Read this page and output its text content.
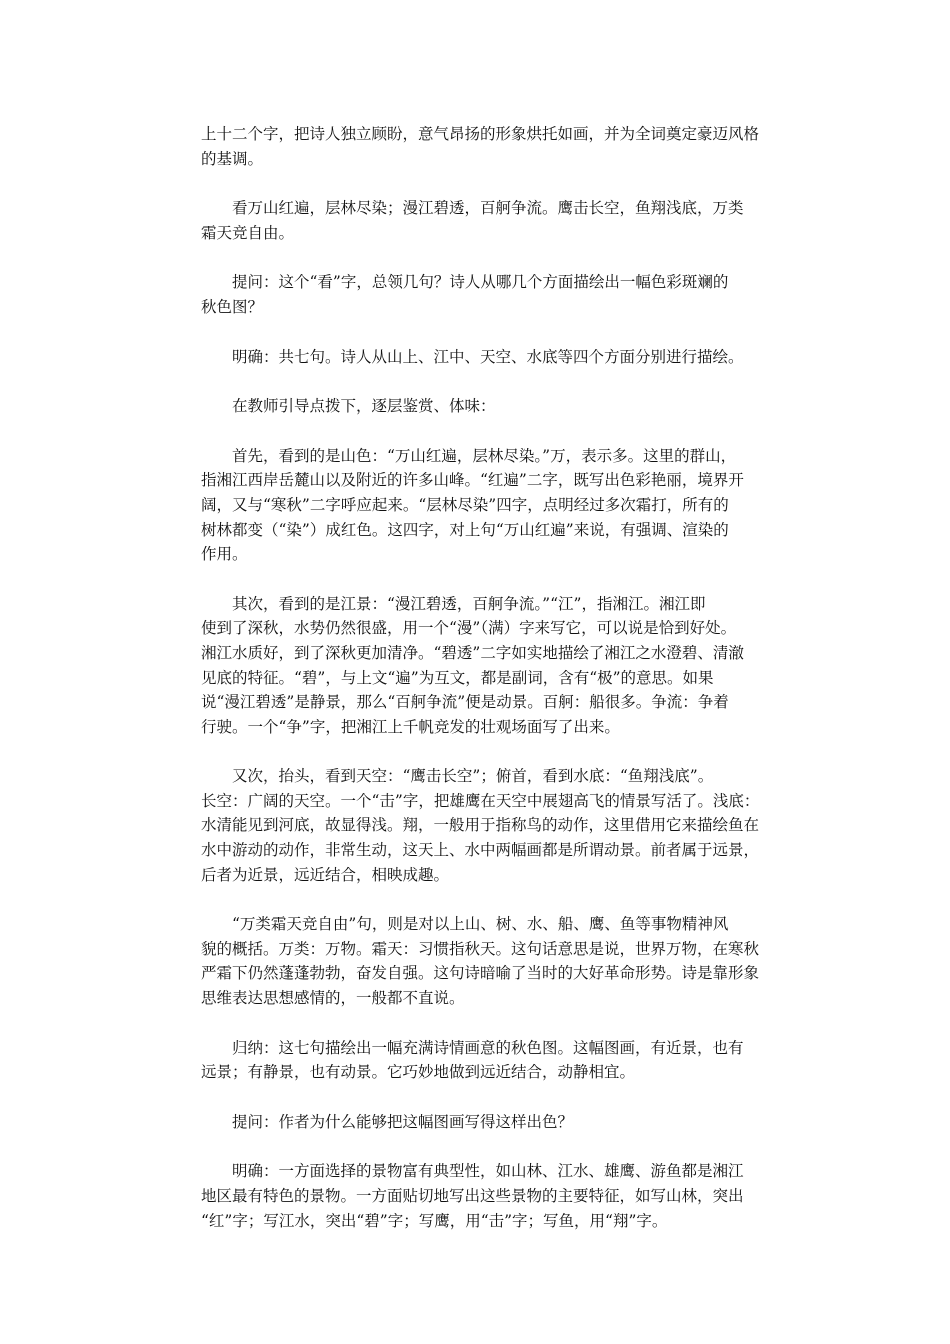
上十二个字，把诗人独立顾盼，意气昂扬的形象烘托如画，并为全词奠定豪迈风格
的基调。

看万山红遍，层林尽染；漫江碧透，百舸争流。鹰击长空，鱼翔浅底，万类
霜天竞自由。

提问：这个“看”字，总领几句？诗人从哪几个方面描绘出一幅色彩斑斓的
秋色图？

明确：共七句。诗人从山上、江中、天空、水底等四个方面分别进行描绘。

在教师引导点拨下，逐层鉴赏、体味：

首先，看到的是山色：“万山红遍，层林尽染。”万，表示多。这里的群山，
指湘江西岸岳麓山以及附近的许多山峰。“红遍”二字，既写出色彩艳丽，境界开
阔，又与“寒秋”二字呼应起来。“层林尽染”四字，点明经过多次霜打，所有的
树林都变（“染”）成红色。这四字，对上句“万山红遍”来说，有强调、渲染的
作用。

其次，看到的是江景：“漫江碧透，百舸争流。”“江”，指湘江。湘江即
使到了深秋，水势仍然很盛，用一个“漫”（满）字来写它，可以说是恰到好处。
湘江水质好，到了深秋更加清净。“碧透”二字如实地描绘了湘江之水澄碧、清澈
见底的特征。“碧”，与上文“遍”为互文，都是副词，含有“极”的意思。如果
说“漫江碧透”是静景，那么“百舸争流”便是动景。百舸：船很多。争流：争着
行驶。一个“争”字，把湘江上千帆竞发的壮观场面写了出来。

又次，抬头，看到天空：“鹰击长空”；俯首，看到水底：“鱼翔浅底”。
长空：广阔的天空。一个“击”字，把雄鹰在天空中展翅高飞的情景写活了。浅底：
水清能见到河底，故显得浅。翔，一般用于指称鸟的动作，这里借用它来描绘鱼在
水中游动的动作，非常生动，这天上、水中两幅画都是所谓动景。前者属于远景，
后者为近景，远近结合，相映成趣。

“万类霜天竞自由”句，则是对以上山、树、水、船、鹰、鱼等事物精神风
貌的概括。万类：万物。霜天：习惯指秋天。这句话意思是说，世界万物，在寒秋
严霜下仍然蓬蓬勃勃，奋发自强。这句诗暗喻了当时的大好革命形势。诗是靠形象
思维表达思想感情的，一般都不直说。

归纳：这七句描绘出一幅充满诗情画意的秋色图。这幅图画，有近景，也有
远景；有静景，也有动景。它巧妙地做到远近结合，动静相宜。

提问：作者为什么能够把这幅图画写得这样出色？

明确：一方面选择的景物富有典型性，如山林、江水、雄鹰、游鱼都是湘江
地区最有特色的景物。一方面贴切地写出这些景物的主要特征，如写山林，突出
“红”字；写江水，突出“碧”字；写鹰，用“击”字；写鱼，用“翔”字。
